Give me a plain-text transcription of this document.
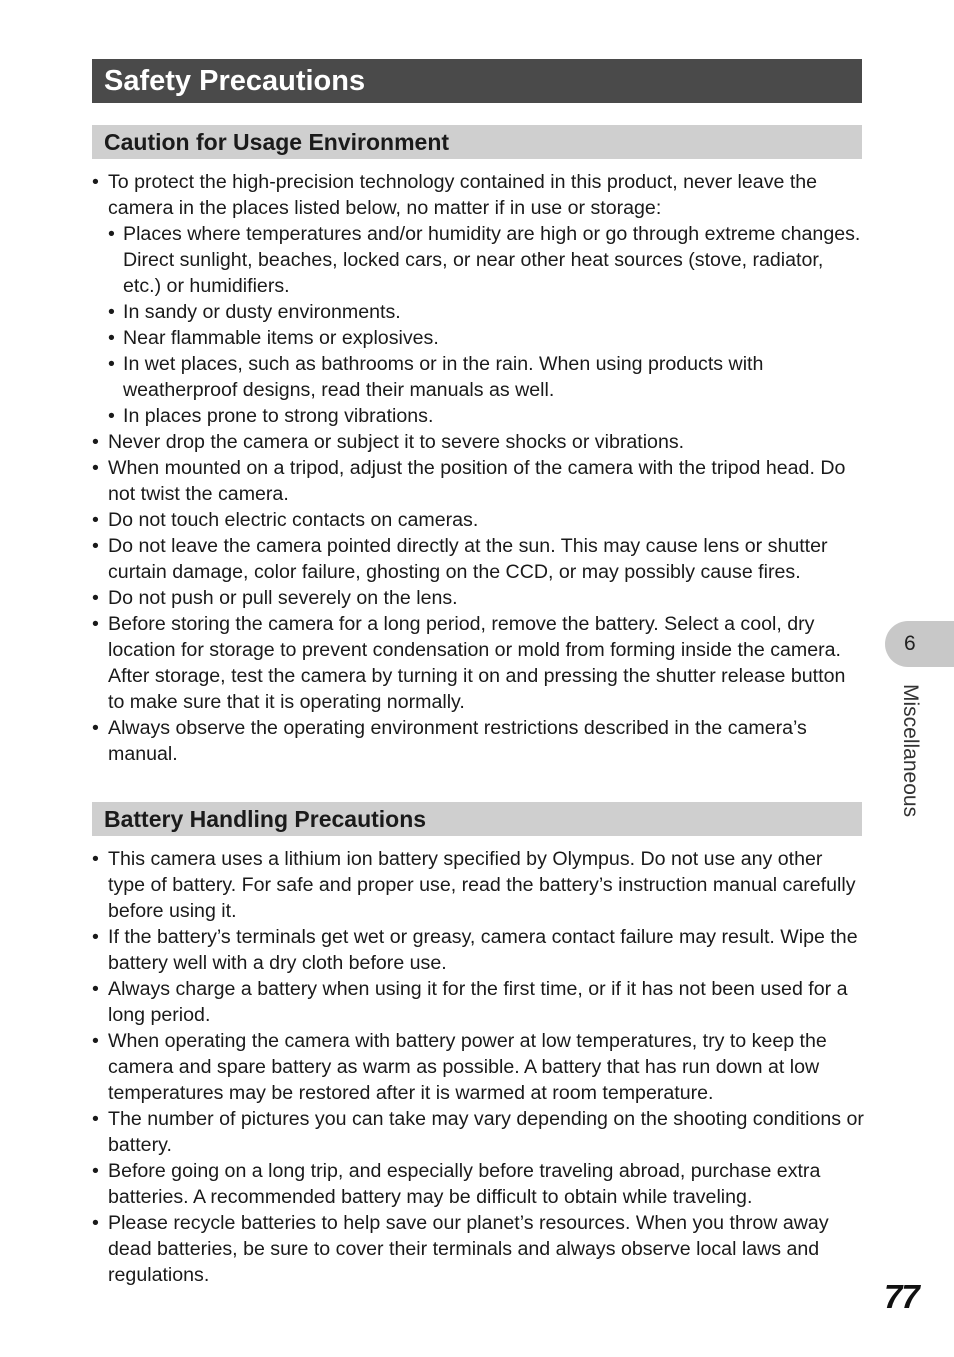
Safety Precautions
Caution for Usage Environment
• To protect the high-precision technology contained in this product, never leave the camera in the places listed below, no matter if in use or storage:
• Places where temperatures and/or humidity are high or go through extreme changes. Direct sunlight, beaches, locked cars, or near other heat sources (stove, radiator, etc.) or humidifiers.
• In sandy or dusty environments.
• Near flammable items or explosives.
• In wet places, such as bathrooms or in the rain. When using products with weatherproof designs, read their manuals as well.
• In places prone to strong vibrations.
• Never drop the camera or subject it to severe shocks or vibrations.
• When mounted on a tripod, adjust the position of the camera with the tripod head. Do not twist the camera.
• Do not touch electric contacts on cameras.
• Do not leave the camera pointed directly at the sun. This may cause lens or shutter curtain damage, color failure, ghosting on the CCD, or may possibly cause fires.
• Do not push or pull severely on the lens.
• Before storing the camera for a long period, remove the battery. Select a cool, dry location for storage to prevent condensation or mold from forming inside the camera. After storage, test the camera by turning it on and pressing the shutter release button to make sure that it is operating normally.
• Always observe the operating environment restrictions described in the camera’s manual.
Battery Handling Precautions
• This camera uses a lithium ion battery specified by Olympus. Do not use any other type of battery. For safe and proper use, read the battery’s instruction manual carefully before using it.
• If the battery’s terminals get wet or greasy, camera contact failure may result. Wipe the battery well with a dry cloth before use.
• Always charge a battery when using it for the first time, or if it has not been used for a long period.
• When operating the camera with battery power at low temperatures, try to keep the camera and spare battery as warm as possible. A battery that has run down at low temperatures may be restored after it is warmed at room temperature.
• The number of pictures you can take may vary depending on the shooting conditions or battery.
• Before going on a long trip, and especially before traveling abroad, purchase extra batteries. A recommended battery may be difficult to obtain while traveling.
• Please recycle batteries to help save our planet’s resources. When you throw away dead batteries, be sure to cover their terminals and always observe local laws and regulations.
6
Miscellaneous
77
